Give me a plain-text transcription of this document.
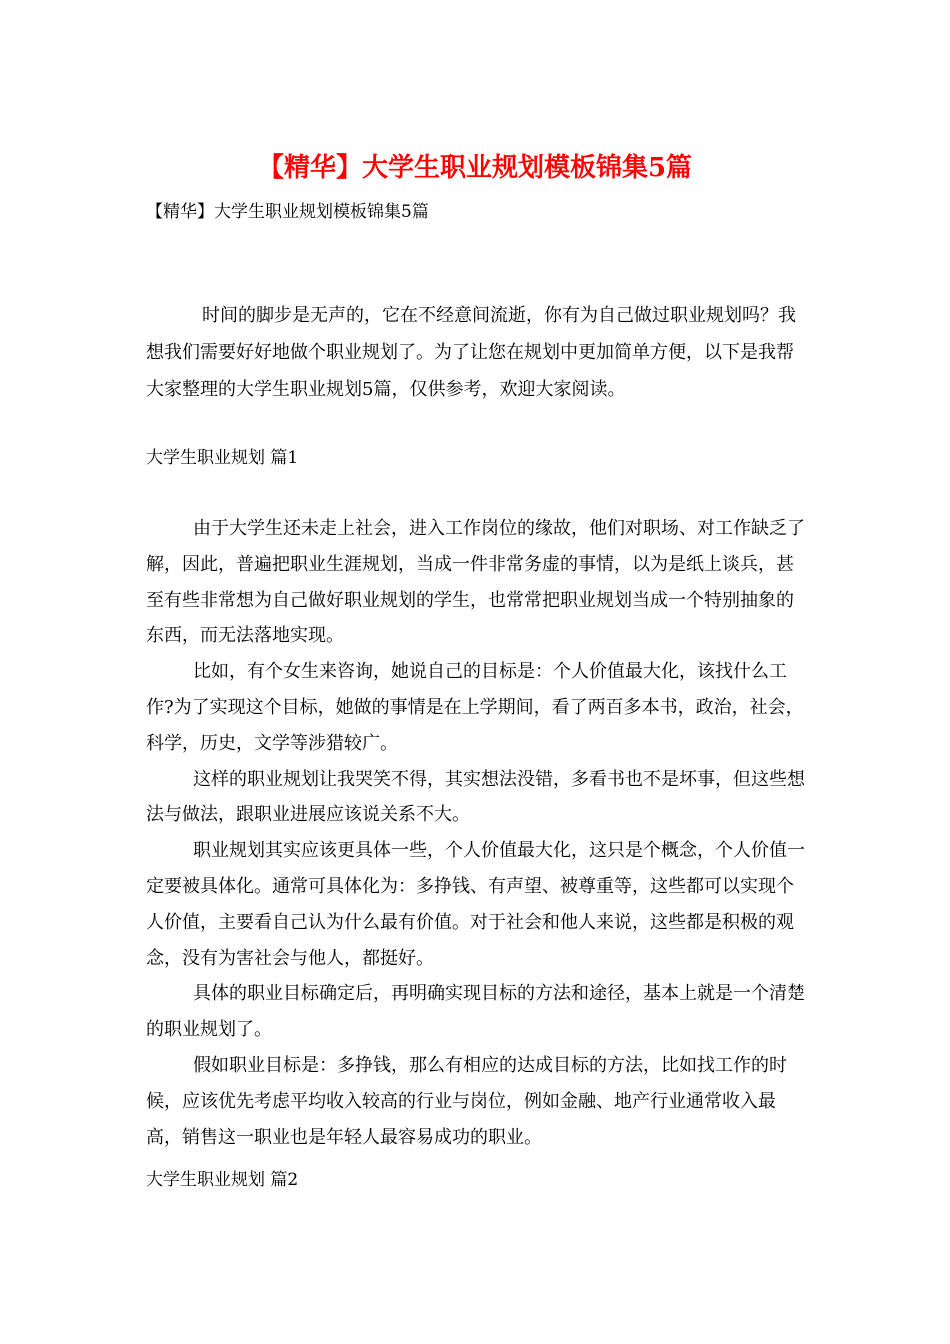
【精华】大学生职业规划模板锦集5篇
【精华】大学生职业规划模板锦集5篇

时间的脚步是无声的，它在不经意间流逝，你有为自己做过职业规划吗？我想我们需要好好地做个职业规划了。为了让您在规划中更加简单方便，以下是我帮大家整理的大学生职业规划5篇，仅供参考，欢迎大家阅读。

大学生职业规划 篇1

由于大学生还未走上社会，进入工作岗位的缘故，他们对职场、对工作缺乏了解，因此，普遍把职业生涯规划，当成一件非常务虚的事情，以为是纸上谈兵，甚至有些非常想为自己做好职业规划的学生，也常常把职业规划当成一个特别抽象的东西，而无法落地实现。

比如，有个女生来咨询，她说自己的目标是：个人价值最大化，该找什么工作?为了实现这个目标，她做的事情是在上学期间，看了两百多本书，政治，社会，科学，历史，文学等涉猎较广。

这样的职业规划让我哭笑不得，其实想法没错，多看书也不是坏事，但这些想法与做法，跟职业进展应该说关系不大。

职业规划其实应该更具体一些，个人价值最大化，这只是个概念，个人价值一定要被具体化。通常可具体化为：多挣钱、有声望、被尊重等，这些都可以实现个人价值，主要看自己认为什么最有价值。对于社会和他人来说，这些都是积极的观念，没有为害社会与他人，都挺好。

具体的职业目标确定后，再明确实现目标的方法和途径，基本上就是一个清楚的职业规划了。

假如职业目标是：多挣钱，那么有相应的达成目标的方法，比如找工作的时候，应该优先考虑平均收入较高的行业与岗位，例如金融、地产行业通常收入最高，销售这一职业也是年轻人最容易成功的职业。

大学生职业规划 篇2
